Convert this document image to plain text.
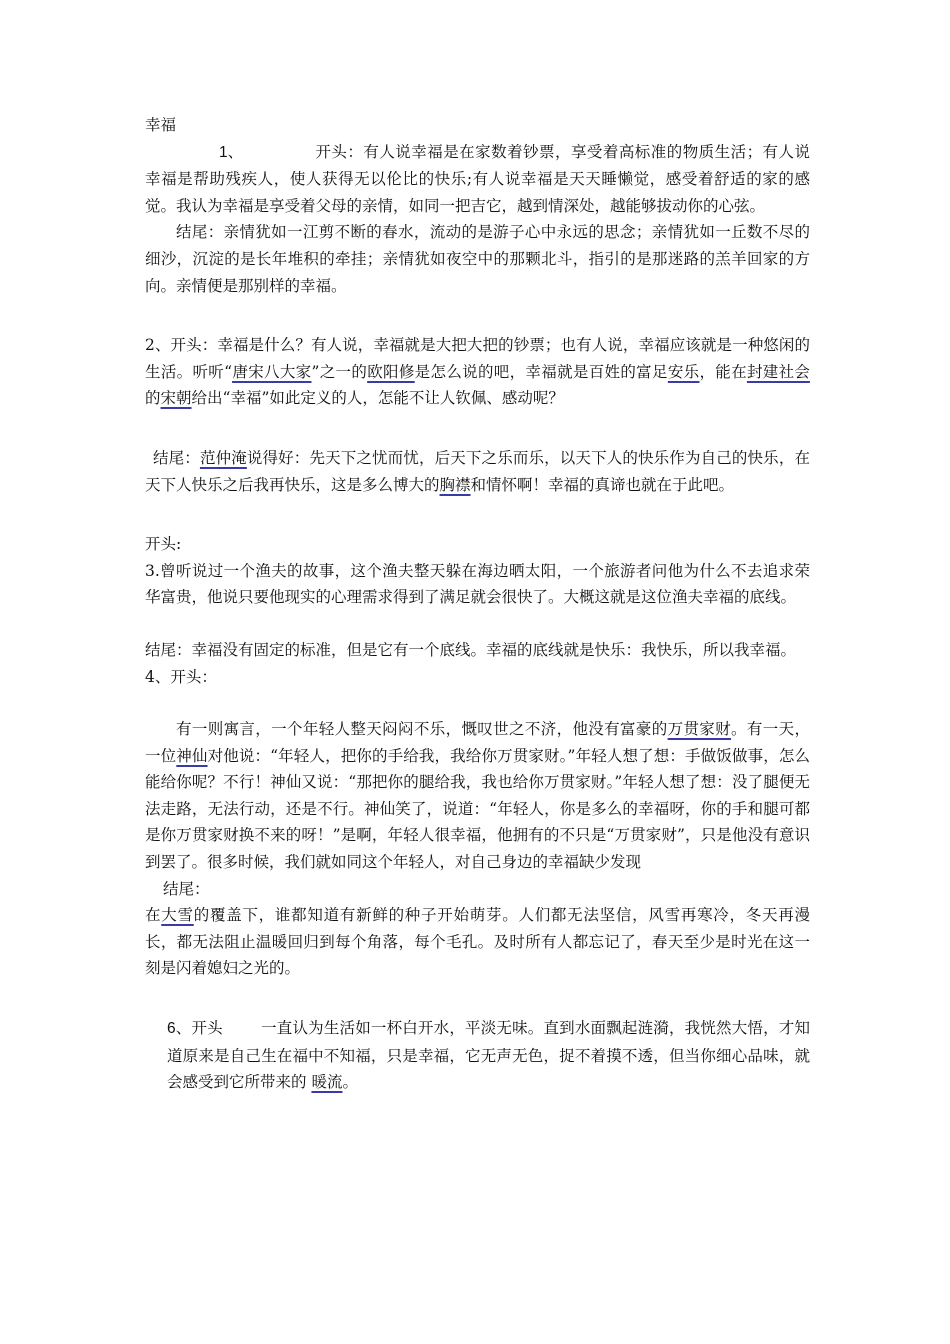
幸福

1、	开头：有人说幸福是在家数着钞票，享受着高标准的物质生活；有人说幸福是帮助残疾人，使人获得无以伦比的快乐;有人说幸福是天天睡懒觉，感受着舒适的家的感觉。我认为幸福是享受着父母的亲情，如同一把吉它，越到情深处，越能够拔动你的心弦。

结尾：亲情犹如一江剪不断的春水，流动的是游子心中永远的思念；亲情犹如一丘数不尽的细沙，沉淀的是长年堆积的牵挂；亲情犹如夜空中的那颗北斗，指引的是那迷路的羔羊回家的方向。亲情便是那别样的幸福。

2、开头：幸福是什么？有人说，幸福就是大把大把的钞票；也有人说，幸福应该就是一种悠闲的生活。听听“唐宋八大家”之一的欧阳修是怎么说的吧，幸福就是百姓的富足安乐，能在封建社会的宋朝给出“幸福”如此定义的人，怎能不让人钦佩、感动呢？

结尾：范仲淹说得好：先天下之忧而忧，后天下之乐而乐，以天下人的快乐作为自己的快乐，在天下人快乐之后我再快乐，这是多么博大的胸襟和情怀啊！幸福的真谛也就在于此吧。

开头:

3.曾听说过一个渔夫的故事，这个渔夫整天躲在海边晒太阳，一个旅游者问他为什么不去追求荣华富贵，他说只要他现实的心理需求得到了满足就会很快了。大概这就是这位渔夫幸福的底线。

结尾：幸福没有固定的标准，但是它有一个底线。幸福的底线就是快乐：我快乐，所以我幸福。

4、开头：

有一则寓言，一个年轻人整天闷闷不乐，慨叹世之不济，他没有富豪的万贯家财。有一天，一位神仙对他说：“年轻人，把你的手给我，我给你万贯家财。”年轻人想了想：手做饭做事，怎么能给你呢？不行！神仙又说：“那把你的腿给我，我也给你万贯家财。”年轻人想了想：没了腿便无法走路，无法行动，还是不行。神仙笑了，说道：“年轻人，你是多么的幸福呀，你的手和腿可都是你万贯家财换不来的呀！”是啊，年轻人很幸福，他拥有的不只是“万贯家财”，只是他没有意识到罢了。很多时候，我们就如同这个年轻人，对自己身边的幸福缺少发现

结尾：

在大雪的覆盖下，谁都知道有新鲜的种子开始萌芽。人们都无法坚信，风雪再寒冷，冬天再漫长，都无法阻止温暖回归到每个角落，每个毛孔。及时所有人都忘记了，春天至少是时光在这一刻是闪着媳妇之光的。

6、开头 一直认为生活如一杯白开水，平淡无味。直到水面飘起涟漪，我恍然大悟，才知道原来是自己生在福中不知福，只是幸福，它无声无色，捉不着摸不透，但当你细心品味，就会感受到它所带来的 暖流。
